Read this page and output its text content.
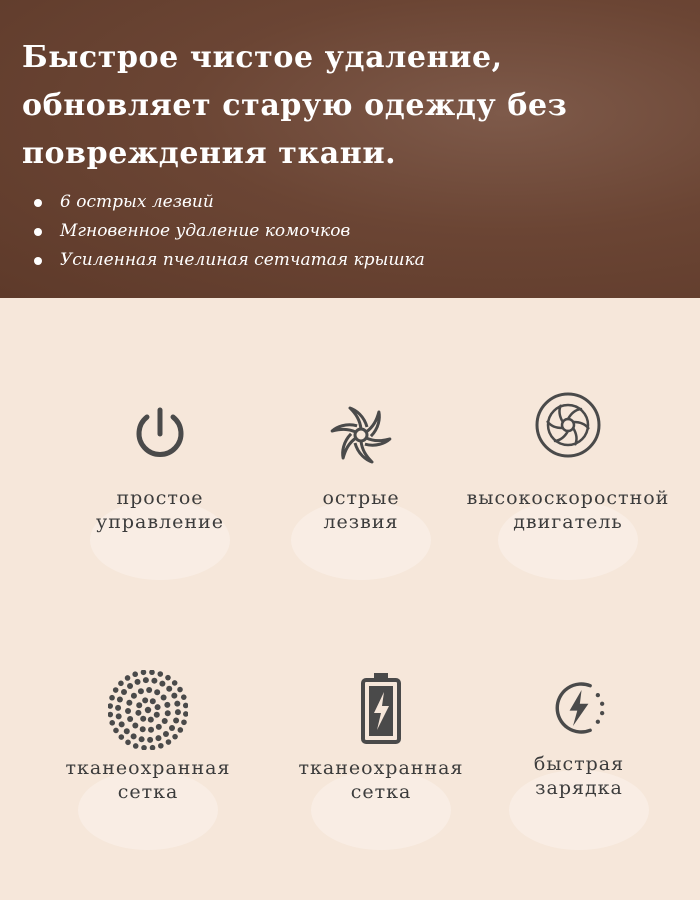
Быстрое чистое удаление, обновляет старую одежду без повреждения ткани.
6 острых лезвий
Мгновенное удаление комочков
Усиленная пчелиная сетчатая крышка
простое
управление
острые
лезвия
высокоскоростной
двигатель
тканеохранная
сетка
тканеохранная
сетка
быстрая
зарядка
